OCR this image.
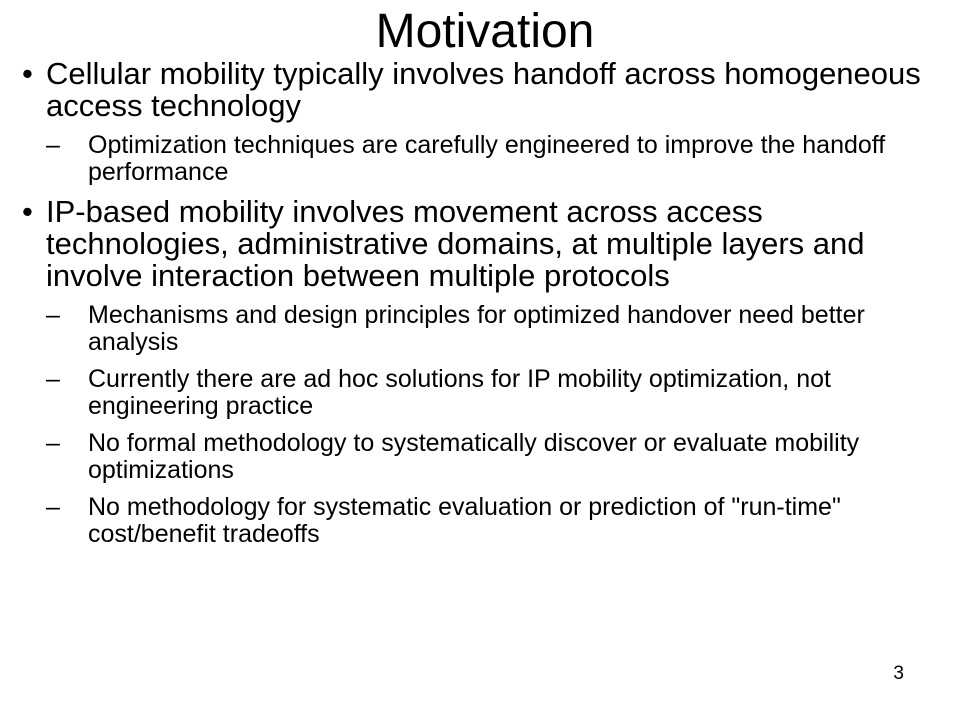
Motivation
• Cellular mobility typically involves handoff across homogeneous access technology
– Optimization techniques are carefully engineered to improve the handoff performance
• IP-based mobility involves movement across access technologies, administrative domains, at multiple layers and involve interaction between multiple protocols
– Mechanisms and design principles for optimized handover need better analysis
– Currently there are ad hoc solutions for IP mobility optimization, not engineering practice
– No formal methodology to systematically discover or evaluate mobility optimizations
– No methodology for systematic evaluation or prediction of "run-time" cost/benefit tradeoffs
3
